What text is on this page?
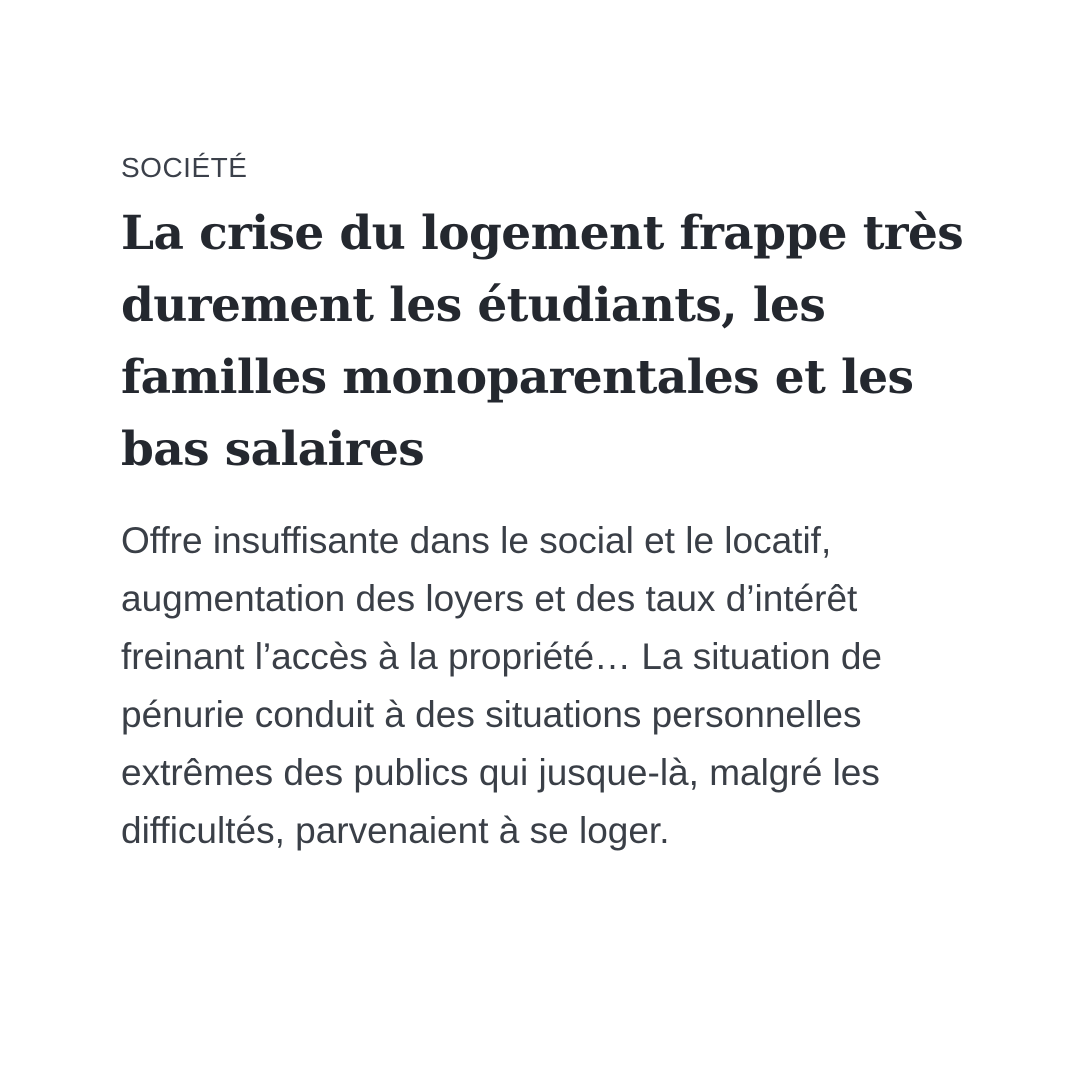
SOCIÉTÉ

La crise du logement frappe très durement les étudiants, les familles monoparentales et les bas salaires

Offre insuffisante dans le social et le locatif, augmentation des loyers et des taux d’intérêt freinant l’accès à la propriété… La situation de pénurie conduit à des situations personnelles extrêmes des publics qui jusque-là, malgré les difficultés, parvenaient à se loger.
